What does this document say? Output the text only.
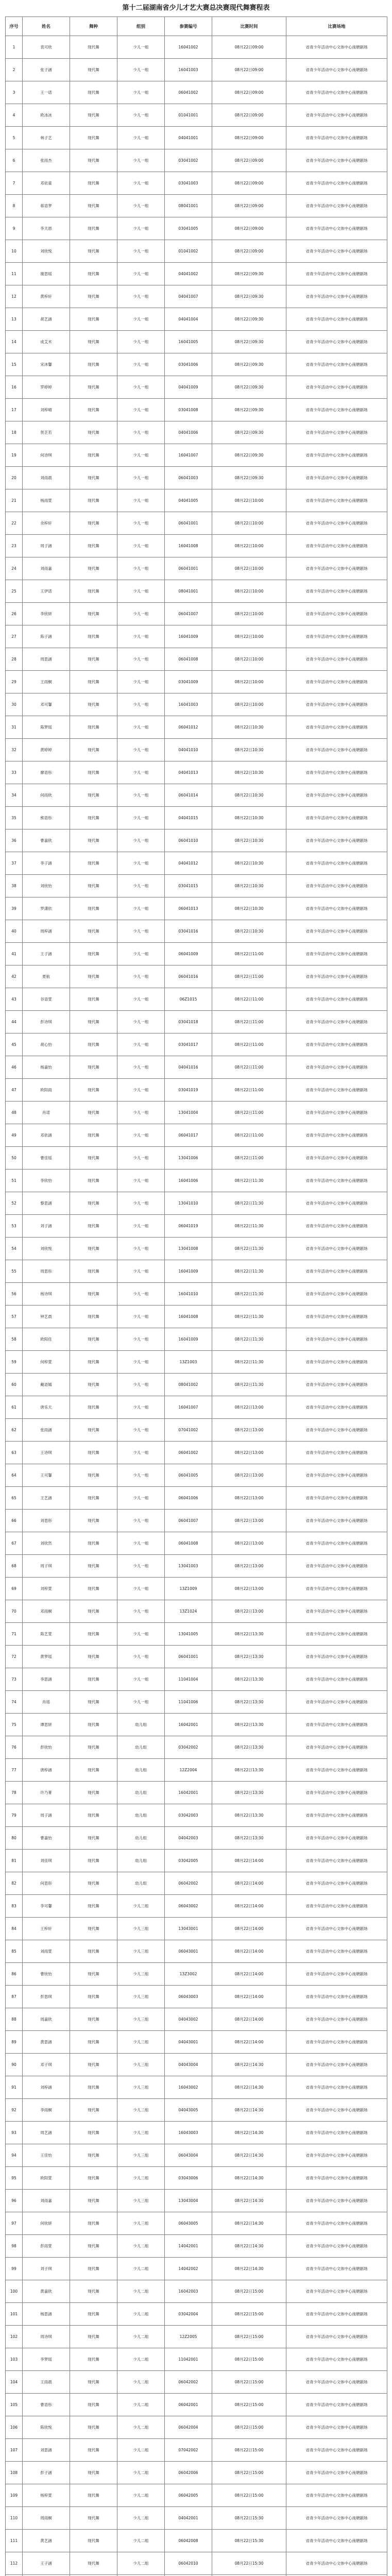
第十二届湖南省少儿才艺大赛总决赛现代舞赛程表
序号	姓名	舞种	组别	参赛编号	比赛时间	比赛场地
1	袁可欣	现代舞	少儿一组	16041002	08月22日09:00	省青少年活动中心文体中心南塘剧场
2	张子涵	现代舞	少儿一组	16041003	08月22日09:00	省青少年活动中心文体中心南塘剧场
3	王一诺	现代舞	少儿一组	06041002	08月22日09:00	省青少年活动中心文体中心南塘剧场
4	欧冰冰	现代舞	少儿一组	01041001	08月22日09:00	省青少年活动中心文体中心南塘剧场
5	林子艺	现代舞	少儿一组	04041001	08月22日09:00	省青少年活动中心文体中心南塘剧场
6	张雨杰	现代舞	少儿一组	03041002	08月22日09:00	省青少年活动中心文体中心南塘剧场
7	邓依童	现代舞	少儿一组	03041003	08月22日09:00	省青少年活动中心文体中心南塘剧场
8	蒋语梦	现代舞	少儿一组	08041001	08月22日09:00	省青少年活动中心文体中心南塘剧场
9	李天恩	现代舞	少儿一组	03041005	08月22日09:00	省青少年活动中心文体中心南塘剧场
10	刘欣悦	现代舞	少儿一组	01041002	08月22日09:00	省青少年活动中心文体中心南塘剧场
11	谢思瑶	现代舞	少儿一组	04041002	08月22日09:30	省青少年活动中心文体中心南塘剧场
12	黄梓轩	现代舞	少儿一组	04041007	08月22日09:30	省青少年活动中心文体中心南塘剧场
13	胡艺涵	现代舞	少儿一组	04041004	08月22日09:30	省青少年活动中心文体中心南塘剧场
14	成艾米	现代舞	少儿一组	16041005	08月22日09:30	省青少年活动中心文体中心南塘剧场
15	宋沐馨	现代舞	少儿一组	03041006	08月22日09:30	省青少年活动中心文体中心南塘剧场
16	罗婷婷	现代舞	少儿一组	04041009	08月22日09:30	省青少年活动中心文体中心南塘剧场
17	刘梓晴	现代舞	少儿一组	03041008	08月22日09:30	省青少年活动中心文体中心南塘剧场
18	贺芷若	现代舞	少儿一组	04041006	08月22日09:30	省青少年活动中心文体中心南塘剧场
19	何诗琪	现代舞	少儿一组	16041007	08月22日09:30	省青少年活动中心文体中心南塘剧场
20	刘雨晨	现代舞	少儿一组	06041003	08月22日09:30	省青少年活动中心文体中心南塘剧场
21	杨雨萱	现代舞	少儿一组	04041005	08月22日10:00	省青少年活动中心文体中心南塘剧场
22	余梓轩	现代舞	少儿一组	06041001	08月22日10:00	省青少年活动中心文体中心南塘剧场
23	周子涵	现代舞	少儿一组	16041008	08月22日10:00	省青少年活动中心文体中心南塘剧场
24	刘雨嘉	现代舞	少儿一组	06041001	08月22日10:00	省青少年活动中心文体中心南塘剧场
25	王伊诺	现代舞	少儿一组	08041001	08月22日10:00	省青少年活动中心文体中心南塘剧场
26	李欣妍	现代舞	少儿一组	06041007	08月22日10:00	省青少年活动中心文体中心南塘剧场
27	陈子涵	现代舞	少儿一组	16041009	08月22日10:00	省青少年活动中心文体中心南塘剧场
28	周思涵	现代舞	少儿一组	06041008	08月22日10:00	省青少年活动中心文体中心南塘剧场
29	王雨桐	现代舞	少儿一组	03041009	08月22日10:00	省青少年活动中心文体中心南塘剧场
30	邓可馨	现代舞	少儿一组	16041003	08月22日10:00	省青少年活动中心文体中心南塘剧场
31	陈梦瑶	现代舞	少儿一组	06041012	08月22日10:30	省青少年活动中心文体中心南塘剧场
32	黄婷婷	现代舞	少儿一组	04041010	08月22日10:30	省青少年活动中心文体中心南塘剧场
33	廖语彤	现代舞	少儿一组	04041013	08月22日10:30	省青少年活动中心文体中心南塘剧场
34	何雨欣	现代舞	少儿一组	06041014	08月22日10:30	省青少年活动中心文体中心南塘剧场
35	熊语彤	现代舞	少儿一组	04041015	08月22日10:30	省青少年活动中心文体中心南塘剧场
36	曹嘉欣	现代舞	少儿一组	06041010	08月22日10:30	省青少年活动中心文体中心南塘剧场
37	李子涵	现代舞	少儿一组	04041012	08月22日10:30	省青少年活动中心文体中心南塘剧场
38	刘欣怡	现代舞	少儿一组	03041015	08月22日10:30	省青少年活动中心文体中心南塘剧场
39	罗潇依	现代舞	少儿一组	06041013	08月22日10:30	省青少年活动中心文体中心南塘剧场
40	周梓涵	现代舞	少儿一组	03041016	08月22日10:30	省青少年活动中心文体中心南塘剧场
41	王子涵	现代舞	少儿一组	06041009	08月22日11:00	省青少年活动中心文体中心南塘剧场
42	夏航	现代舞	少儿一组	06041016	08月22日11:00	省青少年活动中心文体中心南塘剧场
43	谷语萱	现代舞	少儿一组	06Z1015	08月22日11:00	省青少年活动中心文体中心南塘剧场
44	彭诗琪	现代舞	少儿一组	03041018	08月22日11:00	省青少年活动中心文体中心南塘剧场
45	胡心怡	现代舞	少儿一组	03041017	08月22日11:00	省青少年活动中心文体中心南塘剧场
46	杨嘉怡	现代舞	少儿一组	04041016	08月22日11:00	省青少年活动中心文体中心南塘剧场
47	欧阳雨	现代舞	少儿一组	03041019	08月22日11:00	省青少年活动中心文体中心南塘剧场
48	肖诺	现代舞	少儿一组	13041004	08月22日11:00	省青少年活动中心文体中心南塘剧场
49	邓依涵	现代舞	少儿一组	06041017	08月22日11:00	省青少年活动中心文体中心南塘剧场
50	曹佳瑶	现代舞	少儿一组	13041006	08月22日11:00	省青少年活动中心文体中心南塘剧场
51	李欣怡	现代舞	少儿一组	16041006	08月22日11:30	省青少年活动中心文体中心南塘剧场
52	黎思涵	现代舞	少儿一组	13041010	08月22日11:30	省青少年活动中心文体中心南塘剧场
53	刘子涵	现代舞	少儿一组	06041019	08月22日11:30	省青少年活动中心文体中心南塘剧场
54	刘欣悦	现代舞	少儿一组	13041008	08月22日11:30	省青少年活动中心文体中心南塘剧场
55	周思彤	现代舞	少儿一组	16041009	08月22日11:30	省青少年活动中心文体中心南塘剧场
56	杨诗琪	现代舞	少儿一组	16041010	08月22日11:30	省青少年活动中心文体中心南塘剧场
57	钟艺晨	现代舞	少儿一组	16041008	08月22日11:30	省青少年活动中心文体中心南塘剧场
58	欧阳佳	现代舞	少儿一组	16041009	08月22日11:30	省青少年活动中心文体中心南塘剧场
59	何梓萱	现代舞	少儿一组	13Z1003	08月22日11:30	省青少年活动中心文体中心南塘剧场
60	戴语嫣	现代舞	少儿一组	08041002	08月22日11:30	省青少年活动中心文体中心南塘剧场
61	唐乐天	现代舞	少儿一组	16041007	08月22日13:00	省青少年活动中心文体中心南塘剧场
62	张雨涵	现代舞	少儿一组	07041002	08月22日13:00	省青少年活动中心文体中心南塘剧场
63	王诗琪	现代舞	少儿一组	06041002	08月22日13:00	省青少年活动中心文体中心南塘剧场
64	王可馨	现代舞	少儿一组	06041005	08月22日13:00	省青少年活动中心文体中心南塘剧场
65	王艺涵	现代舞	少儿一组	06041006	08月22日13:00	省青少年活动中心文体中心南塘剧场
66	刘思彤	现代舞	少儿一组	06041007	08月22日13:00	省青少年活动中心文体中心南塘剧场
67	刘欣然	现代舞	少儿一组	06041008	08月22日13:00	省青少年活动中心文体中心南塘剧场
68	周子琪	现代舞	少儿一组	13041003	08月22日13:00	省青少年活动中心文体中心南塘剧场
69	刘梓萱	现代舞	少儿一组	13Z1009	08月22日13:00	省青少年活动中心文体中心南塘剧场
70	邓雨桐	现代舞	少儿一组	13Z1024	08月22日13:00	省青少年活动中心文体中心南塘剧场
71	陈艺萱	现代舞	少儿一组	13041005	08月22日13:30	省青少年活动中心文体中心南塘剧场
72	黄梦瑶	现代舞	少儿一组	06041001	08月22日13:30	省青少年活动中心文体中心南塘剧场
73	李思涵	现代舞	少儿一组	11041004	08月22日13:30	省青少年活动中心文体中心南塘剧场
74	肖瑶	现代舞	少儿一组	11041006	08月22日13:30	省青少年活动中心文体中心南塘剧场
75	谭思妍	现代舞	幼儿组	16042001	08月22日13:30	省青少年活动中心文体中心南塘剧场
76	彭欣怡	现代舞	幼儿组	03042002	08月22日13:30	省青少年活动中心文体中心南塘剧场
77	唐梓涵	现代舞	幼儿组	12Z2004	08月22日13:30	省青少年活动中心文体中心南塘剧场
78	许乃菁	现代舞	幼儿组	16042001	08月22日13:30	省青少年活动中心文体中心南塘剧场
79	周子涵	现代舞	幼儿组	03042003	08月22日13:30	省青少年活动中心文体中心南塘剧场
80	曹嘉怡	现代舞	幼儿组	04042003	08月22日13:30	省青少年活动中心文体中心南塘剧场
81	刘佳琪	现代舞	幼儿组	03042005	08月22日14:00	省青少年活动中心文体中心南塘剧场
82	何思彤	现代舞	幼儿组	06042002	08月22日14:00	省青少年活动中心文体中心南塘剧场
83	李可馨	现代舞	少儿三组	06043002	08月22日14:00	省青少年活动中心文体中心南塘剧场
84	王梓轩	现代舞	少儿三组	13043001	08月22日14:00	省青少年活动中心文体中心南塘剧场
85	刘雨萱	现代舞	少儿三组	06043001	08月22日14:00	省青少年活动中心文体中心南塘剧场
86	曹欣怡	现代舞	少儿三组	13Z3002	08月22日14:00	省青少年活动中心文体中心南塘剧场
87	彭思琪	现代舞	少儿三组	06043003	08月22日14:00	省青少年活动中心文体中心南塘剧场
88	周嘉欣	现代舞	少儿三组	04043002	08月22日14:00	省青少年活动中心文体中心南塘剧场
89	黄思涵	现代舞	少儿三组	04043001	08月22日14:00	省青少年活动中心文体中心南塘剧场
90	邓子琪	现代舞	少儿三组	04043004	08月22日14:30	省青少年活动中心文体中心南塘剧场
91	刘梓涵	现代舞	少儿三组	16043002	08月22日14:30	省青少年活动中心文体中心南塘剧场
92	李雨桐	现代舞	少儿三组	04043005	08月22日14:30	省青少年活动中心文体中心南塘剧场
93	周艺涵	现代舞	少儿三组	16043003	08月22日14:30	省青少年活动中心文体中心南塘剧场
94	王佳怡	现代舞	少儿三组	06043004	08月22日14:30	省青少年活动中心文体中心南塘剧场
95	欧阳萱	现代舞	少儿三组	03043006	08月22日14:30	省青少年活动中心文体中心南塘剧场
96	刘雨嘉	现代舞	少儿三组	13043004	08月22日14:30	省青少年活动中心文体中心南塘剧场
97	何欣妍	现代舞	少儿三组	06043005	08月22日14:30	省青少年活动中心文体中心南塘剧场
98	彭雨萱	现代舞	少儿二组	14042001	08月22日14:30	省青少年活动中心文体中心南塘剧场
99	刘子琪	现代舞	少儿二组	14042002	08月22日14:30	省青少年活动中心文体中心南塘剧场
100	黄嘉欣	现代舞	少儿二组	16042003	08月22日15:00	省青少年活动中心文体中心南塘剧场
101	杨思涵	现代舞	少儿二组	03042004	08月22日15:00	省青少年活动中心文体中心南塘剧场
102	周诗琪	现代舞	少儿二组	12Z2005	08月22日15:00	省青少年活动中心文体中心南塘剧场
103	李梦瑶	现代舞	少儿二组	11042001	08月22日15:00	省青少年活动中心文体中心南塘剧场
104	王雨晨	现代舞	少儿二组	06042002	08月22日15:00	省青少年活动中心文体中心南塘剧场
105	曹语彤	现代舞	少儿二组	06042001	08月22日15:00	省青少年活动中心文体中心南塘剧场
106	陈欣悦	现代舞	少儿二组	06042004	08月22日15:00	省青少年活动中心文体中心南塘剧场
107	刘思涵	现代舞	少儿二组	07042002	08月22日15:00	省青少年活动中心文体中心南塘剧场
108	彭子涵	现代舞	少儿二组	06042006	08月22日15:00	省青少年活动中心文体中心南塘剧场
109	杨梓萱	现代舞	少儿二组	06042005	08月22日15:00	省青少年活动中心文体中心南塘剧场
110	周雨桐	现代舞	少儿二组	04042001	08月22日15:30	省青少年活动中心文体中心南塘剧场
111	黄艺涵	现代舞	少儿二组	06042008	08月22日15:30	省青少年活动中心文体中心南塘剧场
112	王子涵	现代舞	少儿二组	06042010	08月22日15:30	省青少年活动中心文体中心南塘剧场
